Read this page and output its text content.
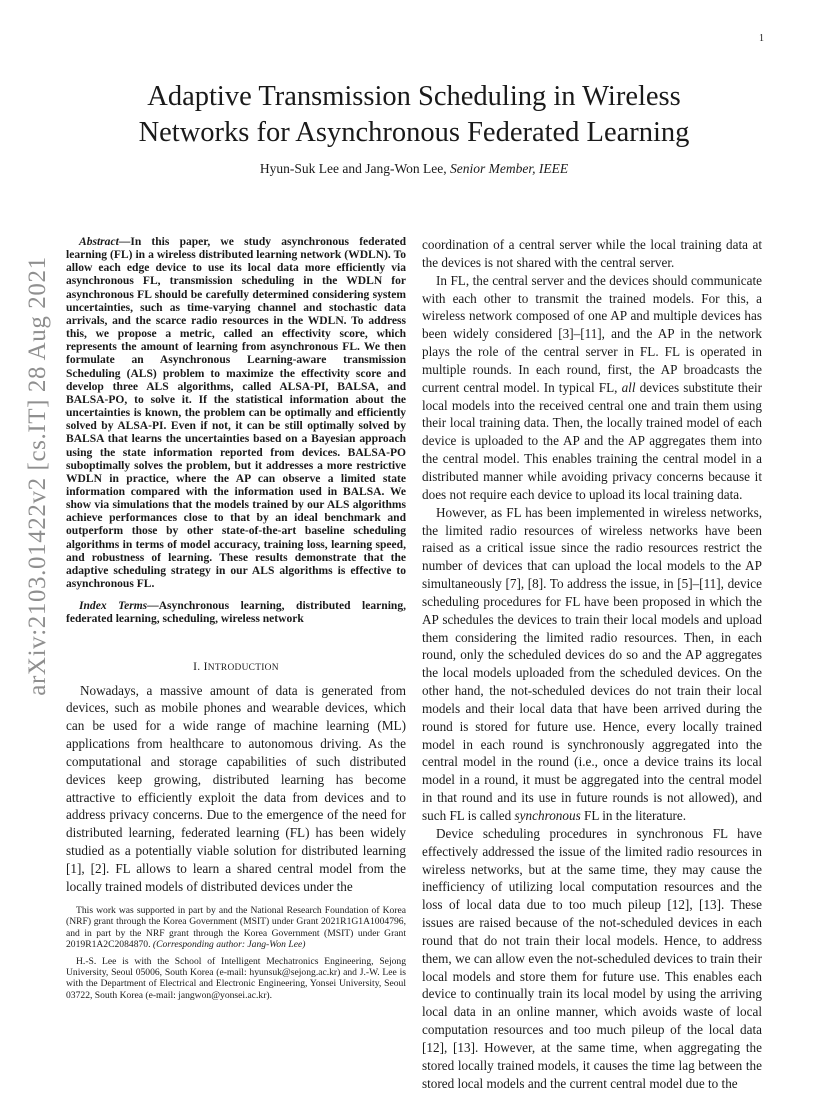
1
arXiv:2103.01422v2 [cs.IT] 28 Aug 2021
Adaptive Transmission Scheduling in Wireless
Networks for Asynchronous Federated Learning
Hyun-Suk Lee and Jang-Won Lee, Senior Member, IEEE

Abstract—In this paper, we study asynchronous federated learning (FL) in a wireless distributed learning network (WDLN). To allow each edge device to use its local data more efficiently via asynchronous FL, transmission scheduling in the WDLN for asynchronous FL should be carefully determined considering system uncertainties, such as time-varying channel and stochastic data arrivals, and the scarce radio resources in the WDLN. To address this, we propose a metric, called an effectivity score, which represents the amount of learning from asynchronous FL. We then formulate an Asynchronous Learning-aware transmission Scheduling (ALS) problem to maximize the effectivity score and develop three ALS algorithms, called ALSA-PI, BALSA, and BALSA-PO, to solve it. If the statistical information about the uncertainties is known, the problem can be optimally and efficiently solved by ALSA-PI. Even if not, it can be still optimally solved by BALSA that learns the uncertainties based on a Bayesian approach using the state information reported from devices. BALSA-PO suboptimally solves the problem, but it addresses a more restrictive WDLN in practice, where the AP can observe a limited state information compared with the information used in BALSA. We show via simulations that the models trained by our ALS algorithms achieve performances close to that by an ideal benchmark and outperform those by other state-of-the-art baseline scheduling algorithms in terms of model accuracy, training loss, learning speed, and robustness of learning. These results demonstrate that the adaptive scheduling strategy in our ALS algorithms is effective to asynchronous FL.

Index Terms—Asynchronous learning, distributed learning, federated learning, scheduling, wireless network

I. INTRODUCTION

Nowadays, a massive amount of data is generated from devices, such as mobile phones and wearable devices, which can be used for a wide range of machine learning (ML) applications from healthcare to autonomous driving. As the computational and storage capabilities of such distributed devices keep growing, distributed learning has become attractive to efficiently exploit the data from devices and to address privacy concerns. Due to the emergence of the need for distributed learning, federated learning (FL) has been widely studied as a potentially viable solution for distributed learning [1], [2]. FL allows to learn a shared central model from the locally trained models of distributed devices under the

This work was supported in part by and the National Research Foundation of Korea (NRF) grant through the Korea Government (MSIT) under Grant 2021R1G1A1004796, and in part by the NRF grant through the Korea Government (MSIT) under Grant 2019R1A2C2084870. (Corresponding author: Jang-Won Lee)

H.-S. Lee is with the School of Intelligent Mechatronics Engineering, Sejong University, Seoul 05006, South Korea (e-mail: hyunsuk@sejong.ac.kr) and J.-W. Lee is with the Department of Electrical and Electronic Engineering, Yonsei University, Seoul 03722, South Korea (e-mail: jangwon@yonsei.ac.kr).

coordination of a central server while the local training data at the devices is not shared with the central server.

In FL, the central server and the devices should communicate with each other to transmit the trained models. For this, a wireless network composed of one AP and multiple devices has been widely considered [3]–[11], and the AP in the network plays the role of the central server in FL. FL is operated in multiple rounds. In each round, first, the AP broadcasts the current central model. In typical FL, all devices substitute their local models into the received central one and train them using their local training data. Then, the locally trained model of each device is uploaded to the AP and the AP aggregates them into the central model. This enables training the central model in a distributed manner while avoiding privacy concerns because it does not require each device to upload its local training data.

However, as FL has been implemented in wireless networks, the limited radio resources of wireless networks have been raised as a critical issue since the radio resources restrict the number of devices that can upload the local models to the AP simultaneously [7], [8]. To address the issue, in [5]–[11], device scheduling procedures for FL have been proposed in which the AP schedules the devices to train their local models and upload them considering the limited radio resources. Then, in each round, only the scheduled devices do so and the AP aggregates the local models uploaded from the scheduled devices. On the other hand, the not-scheduled devices do not train their local models and their local data that have been arrived during the round is stored for future use. Hence, every locally trained model in each round is synchronously aggregated into the central model in the round (i.e., once a device trains its local model in a round, it must be aggregated into the central model in that round and its use in future rounds is not allowed), and such FL is called synchronous FL in the literature.

Device scheduling procedures in synchronous FL have effectively addressed the issue of the limited radio resources in wireless networks, but at the same time, they may cause the inefficiency of utilizing local computation resources and the loss of local data due to too much pileup [12], [13]. These issues are raised because of the not-scheduled devices in each round that do not train their local models. Hence, to address them, we can allow even the not-scheduled devices to train their local models and store them for future use. This enables each device to continually train its local model by using the arriving local data in an online manner, which avoids waste of local computation resources and too much pileup of the local data [12], [13]. However, at the same time, when aggregating the stored locally trained models, it causes the time lag between the stored local models and the current central model due to the
